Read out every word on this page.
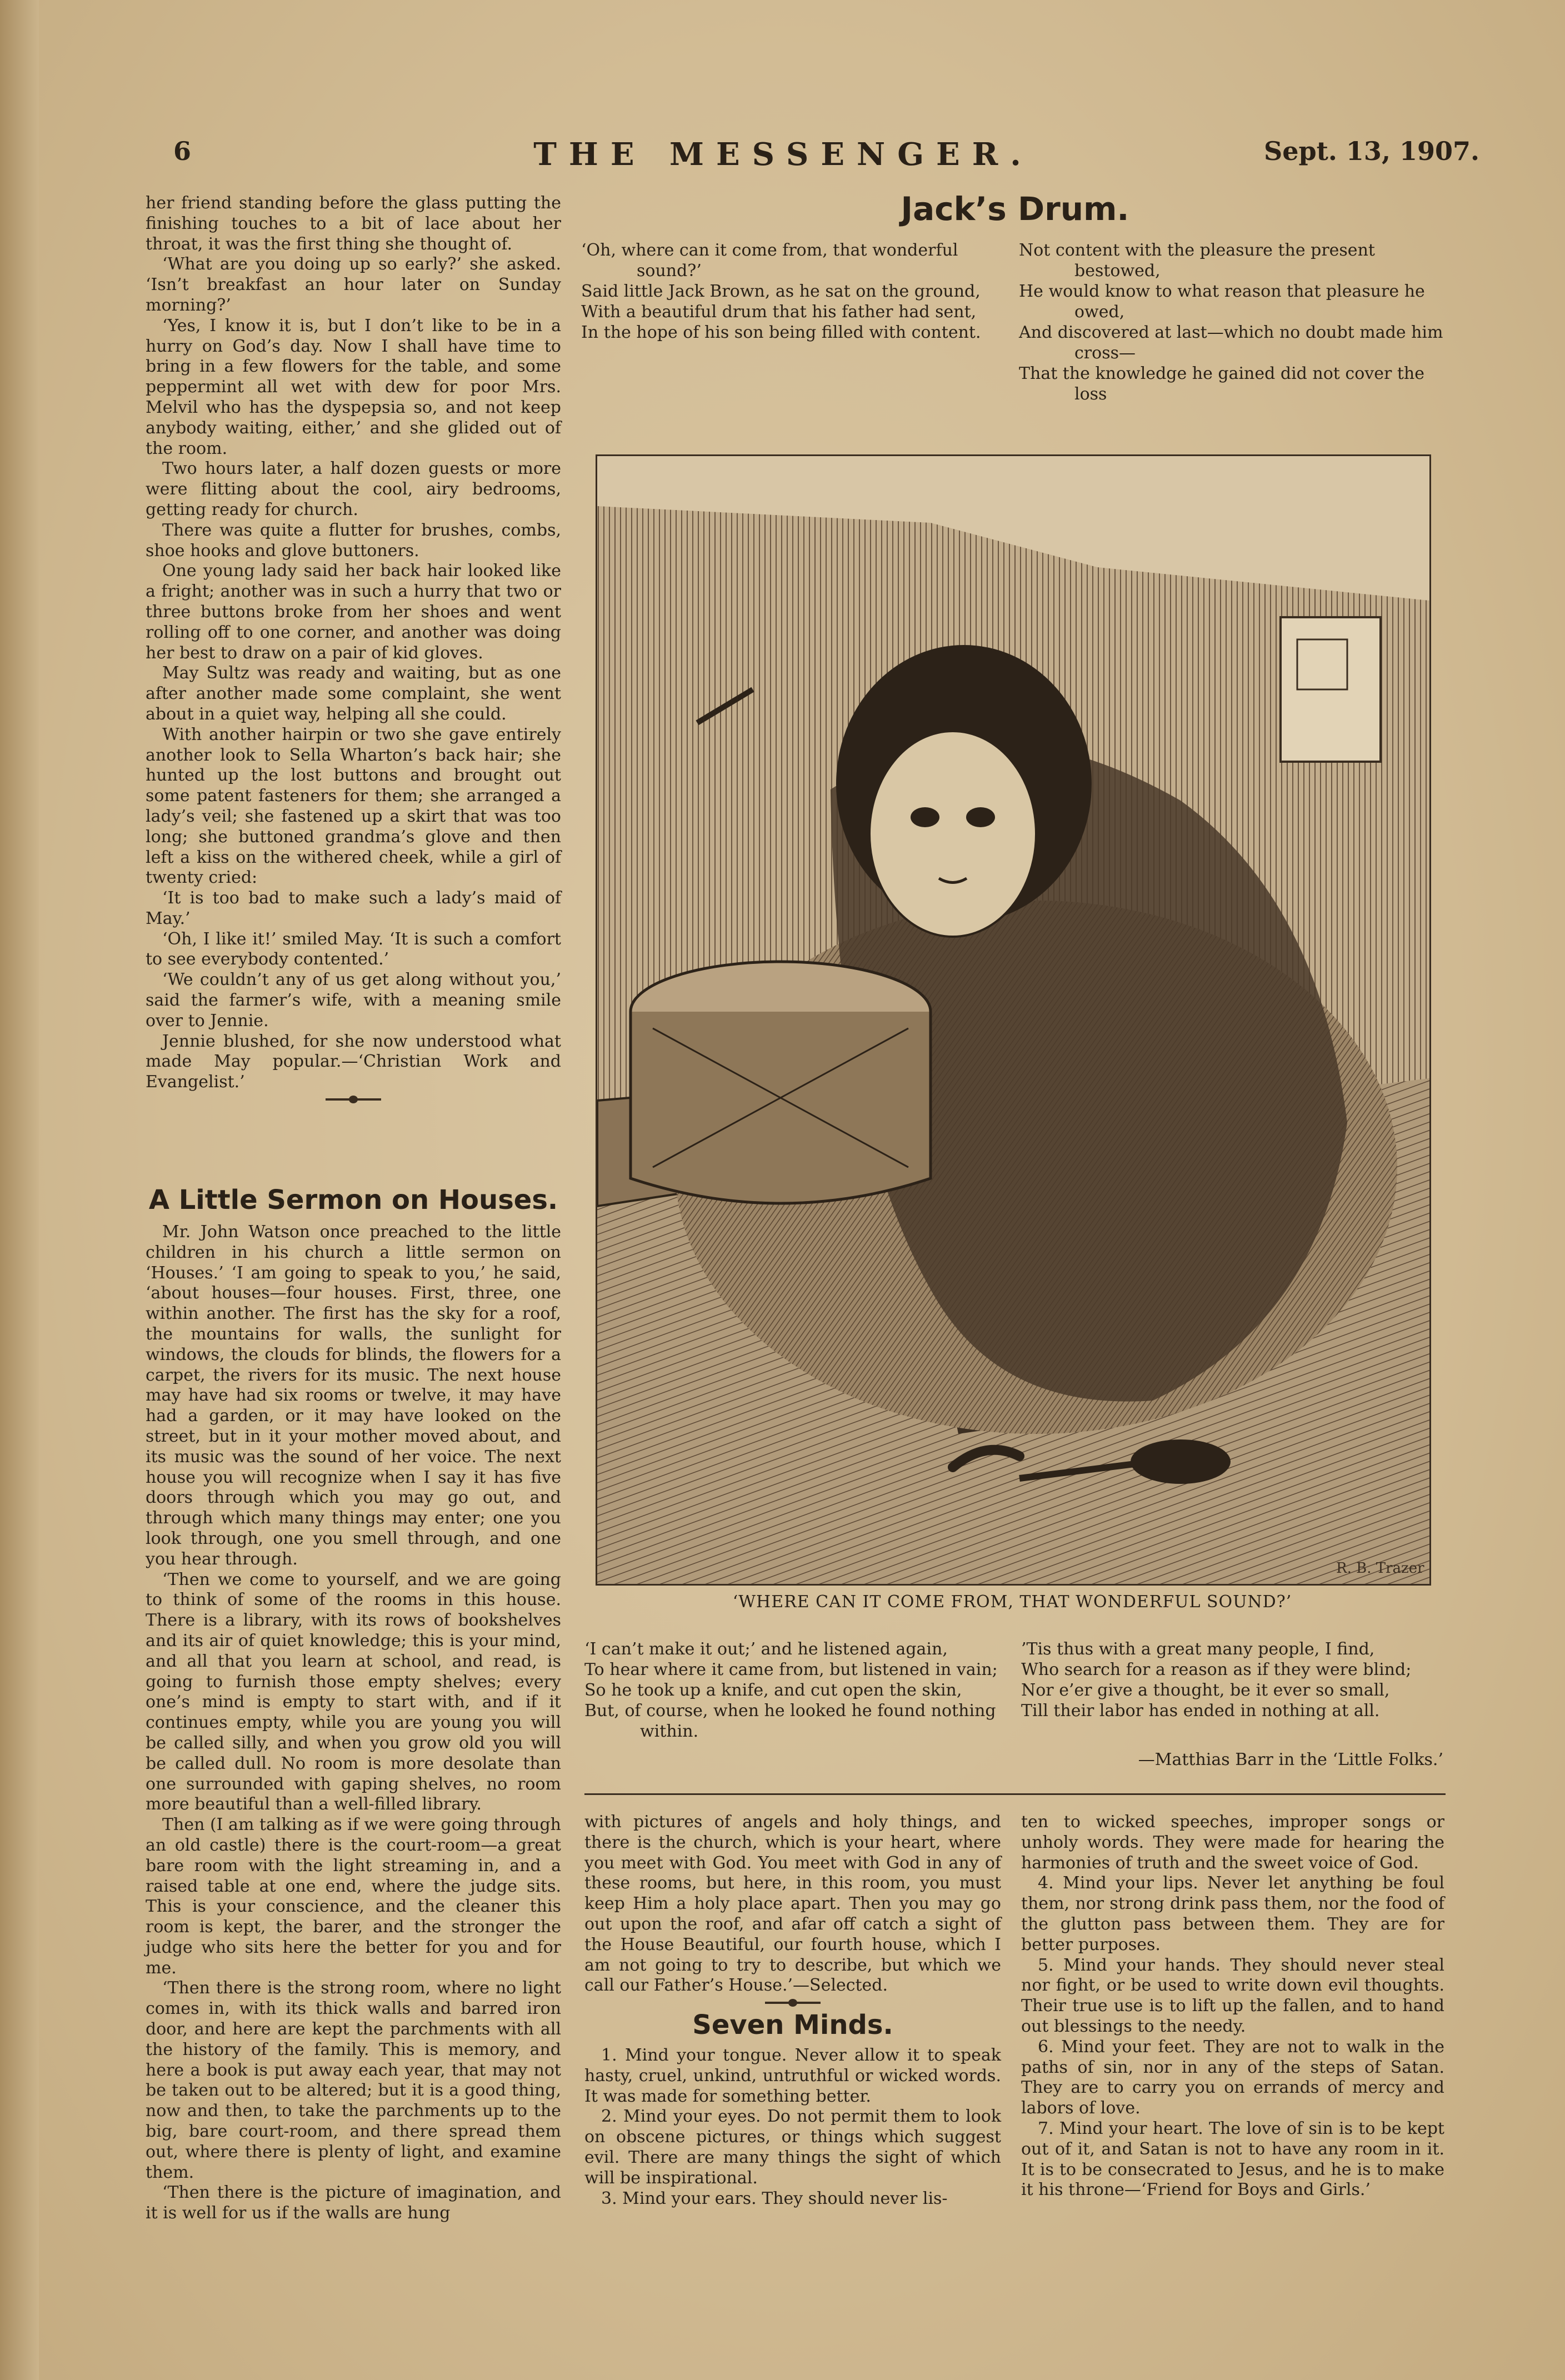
6	THE MESSENGER.	Sept. 13, 1907.

her friend standing before the glass putting the finishing touches to a bit of lace about her throat, it was the first thing she thought of.

‘What are you doing up so early?’ she asked. ‘Isn’t breakfast an hour later on Sunday morning?’

‘Yes, I know it is, but I don’t like to be in a hurry on God’s day. Now I shall have time to bring in a few flowers for the table, and some peppermint all wet with dew for poor Mrs. Melvil who has the dyspepsia so, and not keep anybody waiting, either,’ and she glided out of the room.

Two hours later, a half dozen guests or more were flitting about the cool, airy bedrooms, getting ready for church.

There was quite a flutter for brushes, combs, shoe hooks and glove buttoners.

One young lady said her back hair looked like a fright; another was in such a hurry that two or three buttons broke from her shoes and went rolling off to one corner, and another was doing her best to draw on a pair of kid gloves.

May Sultz was ready and waiting, but as one after another made some complaint, she went about in a quiet way, helping all she could.

With another hairpin or two she gave entirely another look to Sella Wharton’s back hair; she hunted up the lost buttons and brought out some patent fasteners for them; she arranged a lady’s veil; she fastened up a skirt that was too long; she buttoned grandma’s glove and then left a kiss on the withered cheek, while a girl of twenty cried:

‘It is too bad to make such a lady’s maid of May.’

‘Oh, I like it!’ smiled May. ‘It is such a comfort to see everybody contented.’

‘We couldn’t any of us get along without you,’ said the farmer’s wife, with a meaning smile over to Jennie.

Jennie blushed, for she now understood what made May popular.—‘Christian Work and Evangelist.’

A Little Sermon on Houses.

Mr. John Watson once preached to the little children in his church a little sermon on ‘Houses.’ ‘I am going to speak to you,’ he said, ‘about houses—four houses. First, three, one within another. The first has the sky for a roof, the mountains for walls, the sunlight for windows, the clouds for blinds, the flowers for a carpet, the rivers for its music. The next house may have had six rooms or twelve, it may have had a garden, or it may have looked on the street, but in it your mother moved about, and its music was the sound of her voice. The next house you will recognize when I say it has five doors through which you may go out, and through which many things may enter; one you look through, one you smell through, and one you hear through.

‘Then we come to yourself, and we are going to think of some of the rooms in this house. There is a library, with its rows of bookshelves and its air of quiet knowledge; this is your mind, and all that you learn at school, and read, is going to furnish those empty shelves; every one’s mind is empty to start with, and if it continues empty, while you are young you will be called silly, and when you grow old you will be called dull. No room is more desolate than one surrounded with gaping shelves, no room more beautiful than a well-filled library.

Then (I am talking as if we were going through an old castle) there is the court-room—a great bare room with the light streaming in, and a raised table at one end, where the judge sits. This is your conscience, and the cleaner this room is kept, the barer, and the stronger the judge who sits here the better for you and for me.

‘Then there is the strong room, where no light comes in, with its thick walls and barred iron door, and here are kept the parchments with all the history of the family. This is memory, and here a book is put away each year, that may not be taken out to be altered; but it is a good thing, now and then, to take the parchments up to the big, bare court-room, and there spread them out, where there is plenty of light, and examine them.

‘Then there is the picture of imagination, and it is well for us if the walls are hung

Jack’s Drum.
‘Oh, where can it come from, that wonderful sound?’
Said little Jack Brown, as he sat on the ground,
With a beautiful drum that his father had sent,
In the hope of his son being filled with content.
Not content with the pleasure the present bestowed,
He would know to what reason that pleasure he owed,
And discovered at last—which no doubt made him cross—
That the knowledge he gained did not cover the loss
R. B. Trazer
‘WHERE CAN IT COME FROM, THAT WONDERFUL SOUND?’
‘I can’t make it out;’ and he listened again,
To hear where it came from, but listened in vain;
So he took up a knife, and cut open the skin,
But, of course, when he looked he found nothing within.
’Tis thus with a great many people, I find,
Who search for a reason as if they were blind;
Nor e’er give a thought, be it ever so small,
Till their labor has ended in nothing at all.
—Matthias Barr in the ‘Little Folks.’

with pictures of angels and holy things, and there is the church, which is your heart, where you meet with God. You meet with God in any of these rooms, but here, in this room, you must keep Him a holy place apart. Then you may go out upon the roof, and afar off catch a sight of the House Beautiful, our fourth house, which I am not going to try to describe, but which we call our Father’s House.’—Selected.

Seven Minds.

1. Mind your tongue. Never allow it to speak hasty, cruel, unkind, untruthful or wicked words. It was made for something better.

2. Mind your eyes. Do not permit them to look on obscene pictures, or things which suggest evil. There are many things the sight of which will be inspirational.

3. Mind your ears. They should never lis-

ten to wicked speeches, improper songs or unholy words. They were made for hearing the harmonies of truth and the sweet voice of God.

4. Mind your lips. Never let anything be foul them, nor strong drink pass them, nor the food of the glutton pass between them. They are for better purposes.

5. Mind your hands. They should never steal nor fight, or be used to write down evil thoughts. Their true use is to lift up the fallen, and to hand out blessings to the needy.

6. Mind your feet. They are not to walk in the paths of sin, nor in any of the steps of Satan. They are to carry you on errands of mercy and labors of love.

7. Mind your heart. The love of sin is to be kept out of it, and Satan is not to have any room in it. It is to be consecrated to Jesus, and he is to make it his throne—‘Friend for Boys and Girls.’
